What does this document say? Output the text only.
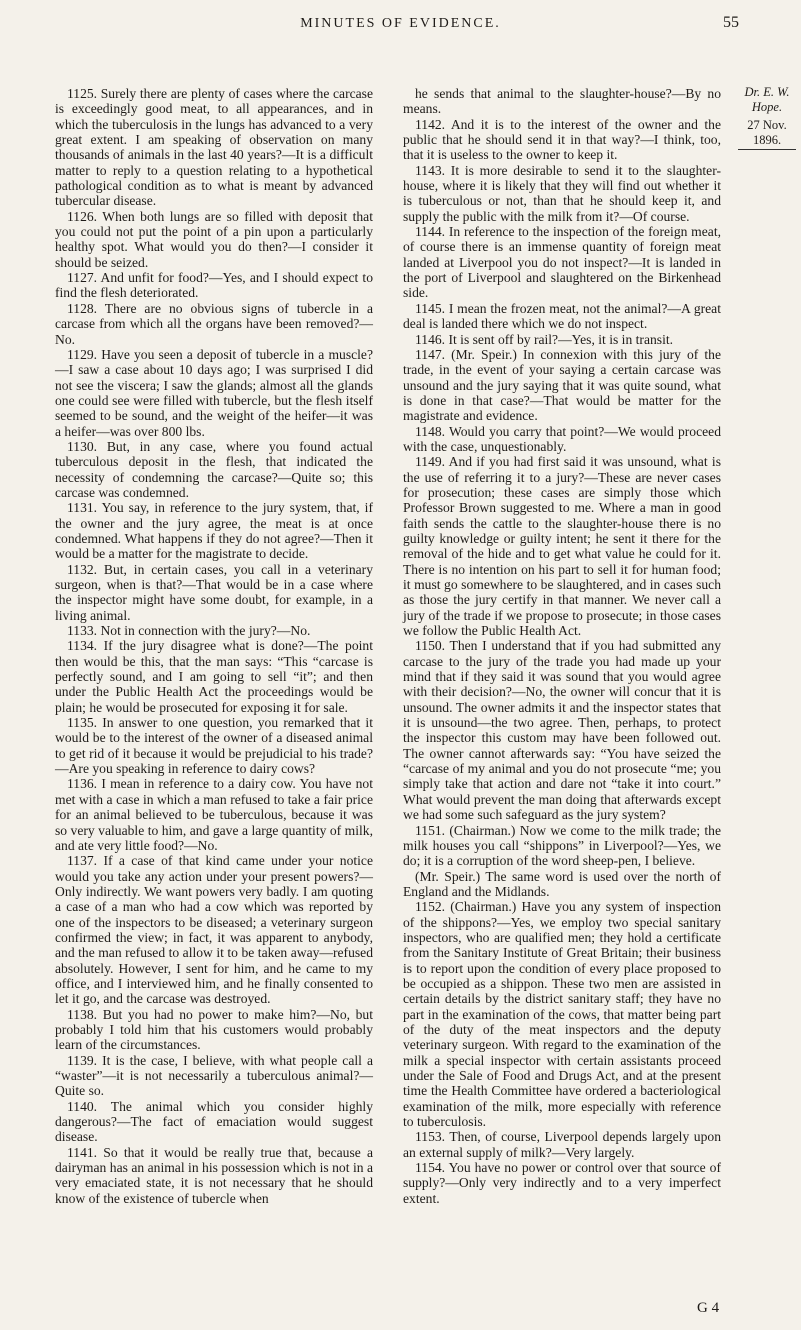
MINUTES OF EVIDENCE.	55
Dr. E. W. Hope.
27 Nov. 1896.

1125. Surely there are plenty of cases where the carcase is exceedingly good meat, to all appearances, and in which the tuberculosis in the lungs has advanced to a very great extent. I am speaking of observation on many thousands of animals in the last 40 years?—It is a difficult matter to reply to a question relating to a hypothetical pathological condition as to what is meant by advanced tubercular disease.

1126. When both lungs are so filled with deposit that you could not put the point of a pin upon a particularly healthy spot. What would you do then?—I consider it should be seized.

1127. And unfit for food?—Yes, and I should expect to find the flesh deteriorated.

1128. There are no obvious signs of tubercle in a carcase from which all the organs have been removed?—No.

1129. Have you seen a deposit of tubercle in a muscle?—I saw a case about 10 days ago; I was surprised I did not see the viscera; I saw the glands; almost all the glands one could see were filled with tubercle, but the flesh itself seemed to be sound, and the weight of the heifer—it was a heifer—was over 800 lbs.

1130. But, in any case, where you found actual tuberculous deposit in the flesh, that indicated the necessity of condemning the carcase?—Quite so; this carcase was condemned.

1131. You say, in reference to the jury system, that, if the owner and the jury agree, the meat is at once condemned. What happens if they do not agree?—Then it would be a matter for the magistrate to decide.

1132. But, in certain cases, you call in a veterinary surgeon, when is that?—That would be in a case where the inspector might have some doubt, for example, in a living animal.

1133. Not in connection with the jury?—No.

1134. If the jury disagree what is done?—The point then would be this, that the man says: “This “carcase is perfectly sound, and I am going to sell “it”; and then under the Public Health Act the proceedings would be plain; he would be prosecuted for exposing it for sale.

1135. In answer to one question, you remarked that it would be to the interest of the owner of a diseased animal to get rid of it because it would be prejudicial to his trade?—Are you speaking in reference to dairy cows?

1136. I mean in reference to a dairy cow. You have not met with a case in which a man refused to take a fair price for an animal believed to be tuberculous, because it was so very valuable to him, and gave a large quantity of milk, and ate very little food?—No.

1137. If a case of that kind came under your notice would you take any action under your present powers?—Only indirectly. We want powers very badly. I am quoting a case of a man who had a cow which was reported by one of the inspectors to be diseased; a veterinary surgeon confirmed the view; in fact, it was apparent to anybody, and the man refused to allow it to be taken away—refused absolutely. However, I sent for him, and he came to my office, and I interviewed him, and he finally consented to let it go, and the carcase was destroyed.

1138. But you had no power to make him?—No, but probably I told him that his customers would probably learn of the circumstances.

1139. It is the case, I believe, with what people call a “waster”—it is not necessarily a tuberculous animal?—Quite so.

1140. The animal which you consider highly dangerous?—The fact of emaciation would suggest disease.

1141. So that it would be really true that, because a dairyman has an animal in his possession which is not in a very emaciated state, it is not necessary that he should know of the existence of tubercle when

he sends that animal to the slaughter-house?—By no means.

1142. And it is to the interest of the owner and the public that he should send it in that way?—I think, too, that it is useless to the owner to keep it.

1143. It is more desirable to send it to the slaughter-house, where it is likely that they will find out whether it is tuberculous or not, than that he should keep it, and supply the public with the milk from it?—Of course.

1144. In reference to the inspection of the foreign meat, of course there is an immense quantity of foreign meat landed at Liverpool you do not inspect?—It is landed in the port of Liverpool and slaughtered on the Birkenhead side.

1145. I mean the frozen meat, not the animal?—A great deal is landed there which we do not inspect.

1146. It is sent off by rail?—Yes, it is in transit.

1147. (Mr. Speir.) In connexion with this jury of the trade, in the event of your saying a certain carcase was unsound and the jury saying that it was quite sound, what is done in that case?—That would be matter for the magistrate and evidence.

1148. Would you carry that point?—We would proceed with the case, unquestionably.

1149. And if you had first said it was unsound, what is the use of referring it to a jury?—These are never cases for prosecution; these cases are simply those which Professor Brown suggested to me. Where a man in good faith sends the cattle to the slaughter-house there is no guilty knowledge or guilty intent; he sent it there for the removal of the hide and to get what value he could for it. There is no intention on his part to sell it for human food; it must go somewhere to be slaughtered, and in cases such as those the jury certify in that manner. We never call a jury of the trade if we propose to prosecute; in those cases we follow the Public Health Act.

1150. Then I understand that if you had submitted any carcase to the jury of the trade you had made up your mind that if they said it was sound that you would agree with their decision?—No, the owner will concur that it is unsound. The owner admits it and the inspector states that it is unsound—the two agree. Then, perhaps, to protect the inspector this custom may have been followed out. The owner cannot afterwards say: “You have seized the “carcase of my animal and you do not prosecute “me; you simply take that action and dare not “take it into court.” What would prevent the man doing that afterwards except we had some such safeguard as the jury system?

1151. (Chairman.) Now we come to the milk trade; the milk houses you call “shippons” in Liverpool?—Yes, we do; it is a corruption of the word sheep-pen, I believe.

(Mr. Speir.) The same word is used over the north of England and the Midlands.

1152. (Chairman.) Have you any system of inspection of the shippons?—Yes, we employ two special sanitary inspectors, who are qualified men; they hold a certificate from the Sanitary Institute of Great Britain; their business is to report upon the condition of every place proposed to be occupied as a shippon. These two men are assisted in certain details by the district sanitary staff; they have no part in the examination of the cows, that matter being part of the duty of the meat inspectors and the deputy veterinary surgeon. With regard to the examination of the milk a special inspector with certain assistants proceed under the Sale of Food and Drugs Act, and at the present time the Health Committee have ordered a bacteriological examination of the milk, more especially with reference to tuberculosis.

1153. Then, of course, Liverpool depends largely upon an external supply of milk?—Very largely.

1154. You have no power or control over that source of supply?—Only very indirectly and to a very imperfect extent.

G 4
